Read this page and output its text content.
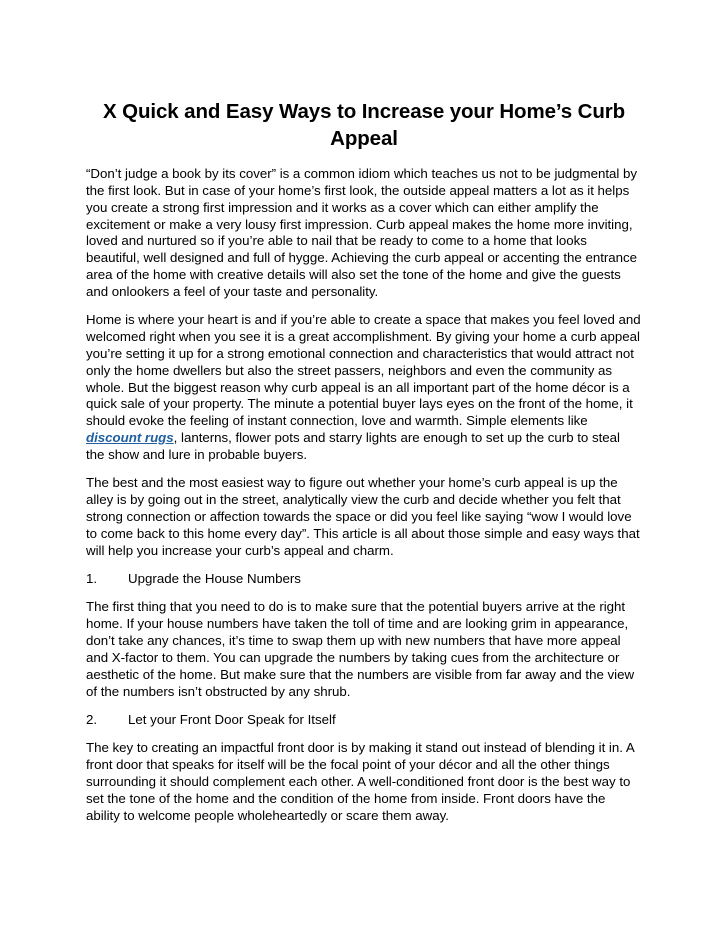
X Quick and Easy Ways to Increase your Home’s Curb Appeal

“Don’t judge a book by its cover” is a common idiom which teaches us not to be judgmental by the first look. But in case of your home’s first look, the outside appeal matters a lot as it helps you create a strong first impression and it works as a cover which can either amplify the excitement or make a very lousy first impression. Curb appeal makes the home more inviting, loved and nurtured so if you’re able to nail that be ready to come to a home that looks beautiful, well designed and full of hygge. Achieving the curb appeal or accenting the entrance area of the home with creative details will also set the tone of the home and give the guests and onlookers a feel of your taste and personality.

Home is where your heart is and if you’re able to create a space that makes you feel loved and welcomed right when you see it is a great accomplishment. By giving your home a curb appeal you’re setting it up for a strong emotional connection and characteristics that would attract not only the home dwellers but also the street passers, neighbors and even the community as whole. But the biggest reason why curb appeal is an all important part of the home décor is a quick sale of your property. The minute a potential buyer lays eyes on the front of the home, it should evoke the feeling of instant connection, love and warmth. Simple elements like discount rugs, lanterns, flower pots and starry lights are enough to set up the curb to steal the show and lure in probable buyers.

The best and the most easiest way to figure out whether your home’s curb appeal is up the alley is by going out in the street, analytically view the curb and decide whether you felt that strong connection or affection towards the space or did you feel like saying “wow I would love to come back to this home every day”. This article is all about those simple and easy ways that will help you increase your curb’s appeal and charm.

1.	Upgrade the House Numbers

The first thing that you need to do is to make sure that the potential buyers arrive at the right home. If your house numbers have taken the toll of time and are looking grim in appearance, don’t take any chances, it’s time to swap them up with new numbers that have more appeal and X-factor to them. You can upgrade the numbers by taking cues from the architecture or aesthetic of the home. But make sure that the numbers are visible from far away and the view of the numbers isn’t obstructed by any shrub.

2.	Let your Front Door Speak for Itself

The key to creating an impactful front door is by making it stand out instead of blending it in. A front door that speaks for itself will be the focal point of your décor and all the other things surrounding it should complement each other. A well-conditioned front door is the best way to set the tone of the home and the condition of the home from inside. Front doors have the ability to welcome people wholeheartedly or scare them away.
